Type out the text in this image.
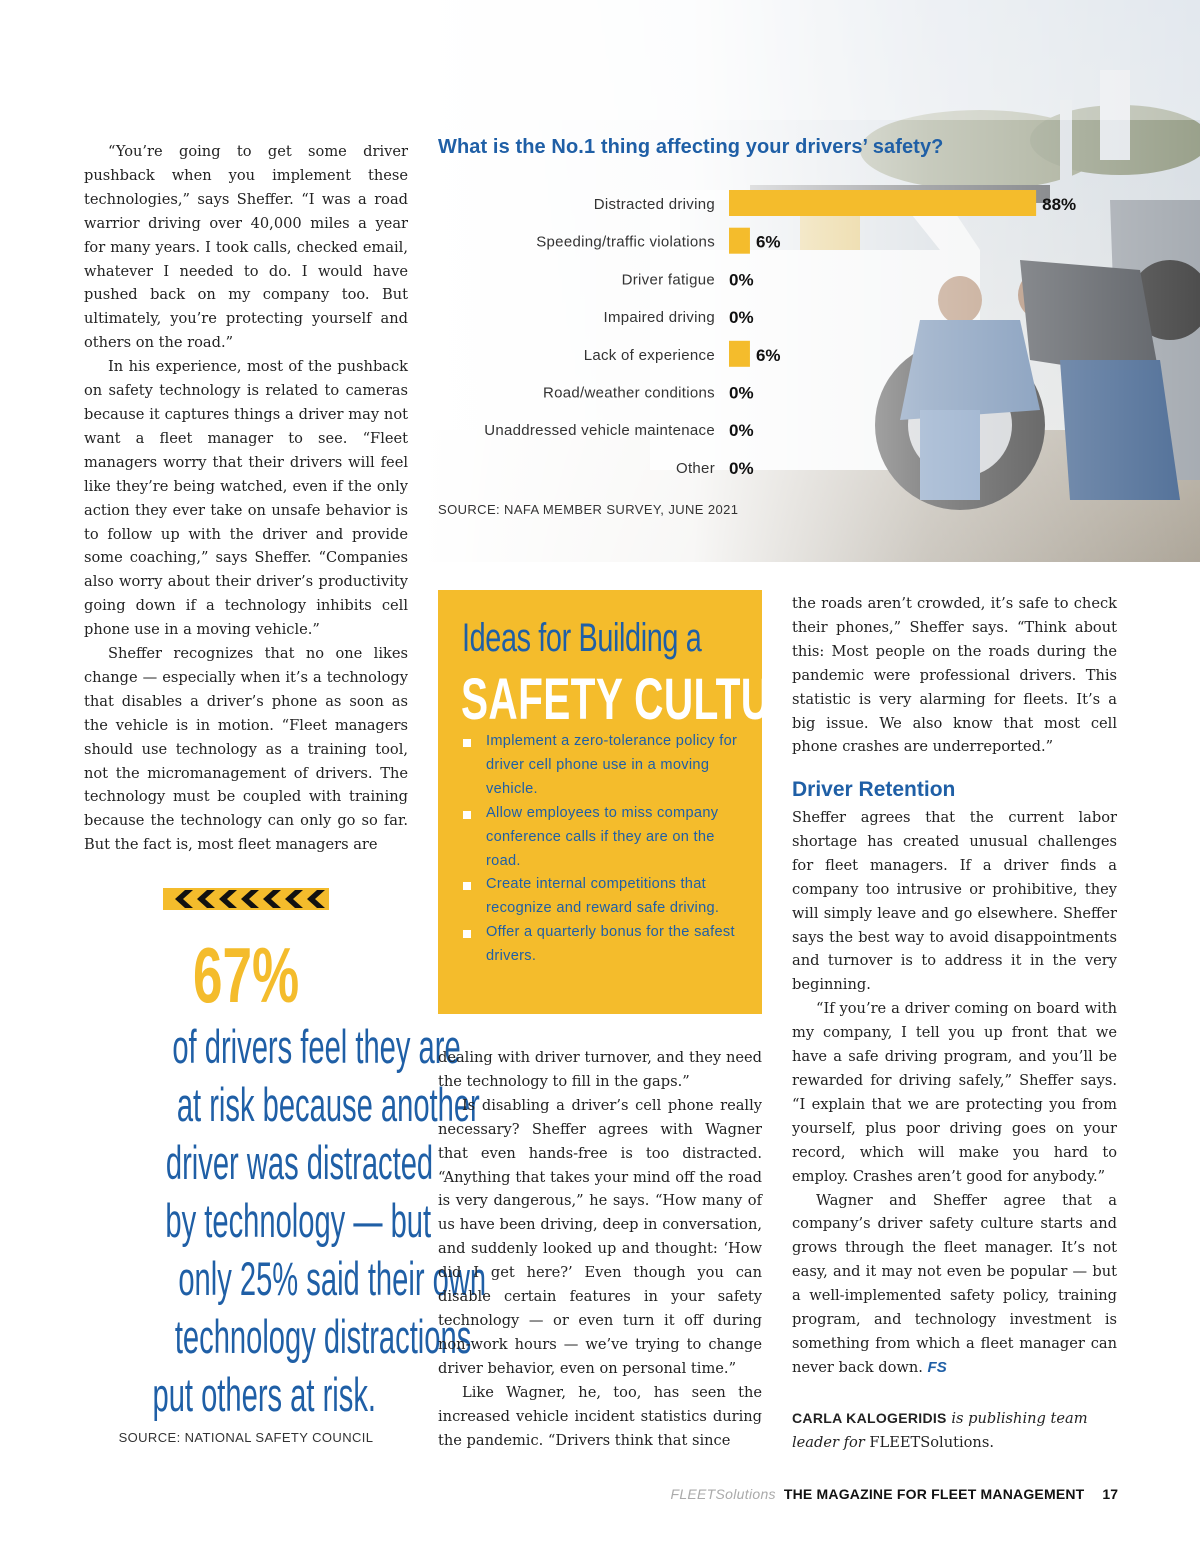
What is the No.1 thing affecting your drivers’ safety?
Distracted driving	88%
Speeding/traffic violations 6%
Driver fatigue 0%
Impaired driving 0%
Lack of experience 6%
Road/weather conditions 0%
Unaddressed vehicle maintenace 0%
Other 0%
SOURCE: NAFA MEMBER SURVEY, JUNE 2021

“You’re going to get some driver pushback when you implement these technologies,” says Sheffer. “I was a road warrior driving over 40,000 miles a year for many years. I took calls, checked email, whatever I needed to do. I would have pushed back on my company too. But ultimately, you’re protecting yourself and others on the road.”

In his experience, most of the pushback on safety technology is related to cameras because it captures things a driver may not want a fleet manager to see. “Fleet managers worry that their drivers will feel like they’re being watched, even if the only action they ever take on unsafe behavior is to follow up with the driver and provide some coaching,” says Sheffer. “Companies also worry about their driver’s productivity going down if a technology inhibits cell phone use in a moving vehicle.”

Sheffer recognizes that no one likes change — especially when it’s a technology that disables a driver’s phone as soon as the vehicle is in motion. “Fleet managers should use technology as a training tool, not the micromanagement of drivers. The technology must be coupled with training because the technology can only go so far. But the fact is, most fleet managers are

67%
of drivers feel they are
at risk because another
driver was distracted
by technology — but
only 25% said their own
technology distractions
put others at risk.
SOURCE: NATIONAL SAFETY COUNCIL
Ideas for Building a
SAFETY CULTURE
Implement a zero-tolerance policy for driver cell phone use in a moving vehicle.
Allow employees to miss company conference calls if they are on the road.
Create internal competitions that recognize and reward safe driving.
Offer a quarterly bonus for the safest drivers.

dealing with driver turnover, and they need the technology to fill in the gaps.”

Is disabling a driver’s cell phone really necessary? Sheffer agrees with Wagner that even hands-free is too distracted. “Anything that takes your mind off the road is very dangerous,” he says. “How many of us have been driving, deep in conversation, and suddenly looked up and thought: ‘How did I get here?’ Even though you can disable certain features in your safety technology — or even turn it off during non-work hours — we’ve trying to change driver behavior, even on personal time.”

Like Wagner, he, too, has seen the increased vehicle incident statistics during the pandemic. “Drivers think that since

the roads aren’t crowded, it’s safe to check their phones,” Sheffer says. “Think about this: Most people on the roads during the pandemic were professional drivers. This statistic is very alarming for fleets. It’s a big issue. We also know that most cell phone crashes are underreported.”

Driver Retention

Sheffer agrees that the current labor shortage has created unusual challenges for fleet managers. If a driver finds a company too intrusive or prohibitive, they will simply leave and go elsewhere. Sheffer says the best way to avoid disappointments and turnover is to address it in the very beginning.

“If you’re a driver coming on board with my company, I tell you up front that we have a safe driving program, and you’ll be rewarded for driving safely,” Sheffer says. “I explain that we are protecting you from yourself, plus poor driving goes on your record, which will make you hard to employ. Crashes aren’t good for anybody.”

Wagner and Sheffer agree that a company’s driver safety culture starts and grows through the fleet manager. It’s not easy, and it may not even be popular — but a well-implemented safety policy, training program, and technology investment is something from which a fleet manager can never back down. FS

CARLA KALOGERIDIS is publishing team leader for FLEETSolutions.
FLEETSolutions THE MAGAZINE FOR FLEET MANAGEMENT 17
